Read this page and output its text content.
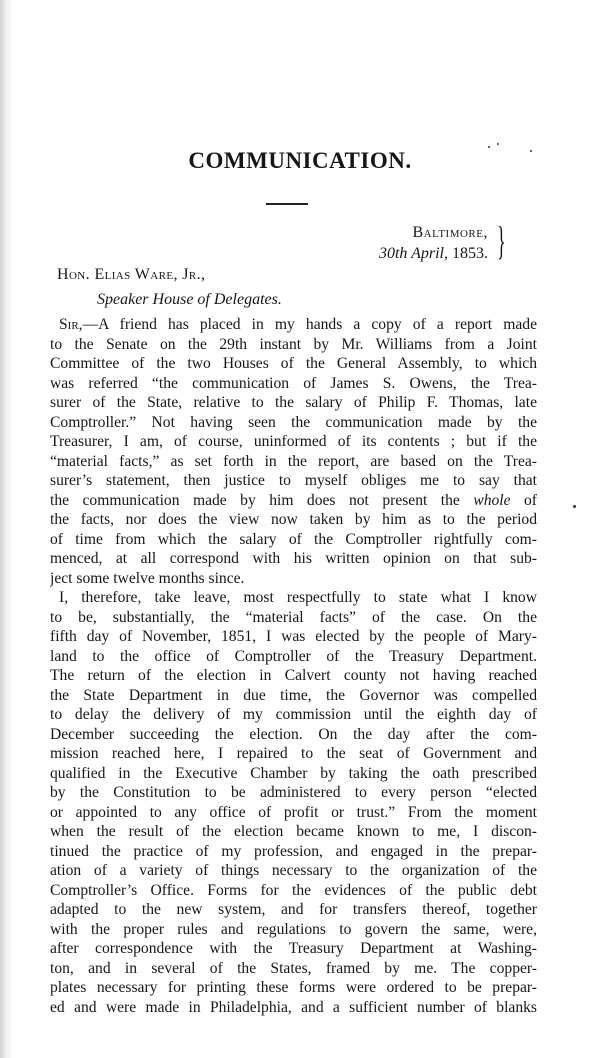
COMMUNICATION.
Baltimore,
30th April, 1853. }
Hon. Elias Ware, Jr.,
Speaker House of Delegates.
Sir,—A friend has placed in my hands a copy of a report made
to the Senate on the 29th instant by Mr. Williams from a Joint
Committee of the two Houses of the General Assembly, to which
was referred “the communication of James S. Owens, the Trea-
surer of the State, relative to the salary of Philip F. Thomas, late
Comptroller.” Not having seen the communication made by the
Treasurer, I am, of course, uninformed of its contents ; but if the
“material facts,” as set forth in the report, are based on the Trea-
surer’s statement, then justice to myself obliges me to say that
the communication made by him does not present the whole of
the facts, nor does the view now taken by him as to the period
of time from which the salary of the Comptroller rightfully com-
menced, at all correspond with his written opinion on that sub-
ject some twelve months since.
I, therefore, take leave, most respectfully to state what I know
to be, substantially, the “material facts” of the case. On the
fifth day of November, 1851, I was elected by the people of Mary-
land to the office of Comptroller of the Treasury Department.
The return of the election in Calvert county not having reached
the State Department in due time, the Governor was compelled
to delay the delivery of my commission until the eighth day of
December succeeding the election. On the day after the com-
mission reached here, I repaired to the seat of Government and
qualified in the Executive Chamber by taking the oath prescribed
by the Constitution to be administered to every person “elected
or appointed to any office of profit or trust.” From the moment
when the result of the election became known to me, I discon-
tinued the practice of my profession, and engaged in the prepar-
ation of a variety of things necessary to the organization of the
Comptroller’s Office. Forms for the evidences of the public debt
adapted to the new system, and for transfers thereof, together
with the proper rules and regulations to govern the same, were,
after correspondence with the Treasury Department at Washing-
ton, and in several of the States, framed by me. The copper-
plates necessary for printing these forms were ordered to be prepar-
ed and were made in Philadelphia, and a sufficient number of blanks
